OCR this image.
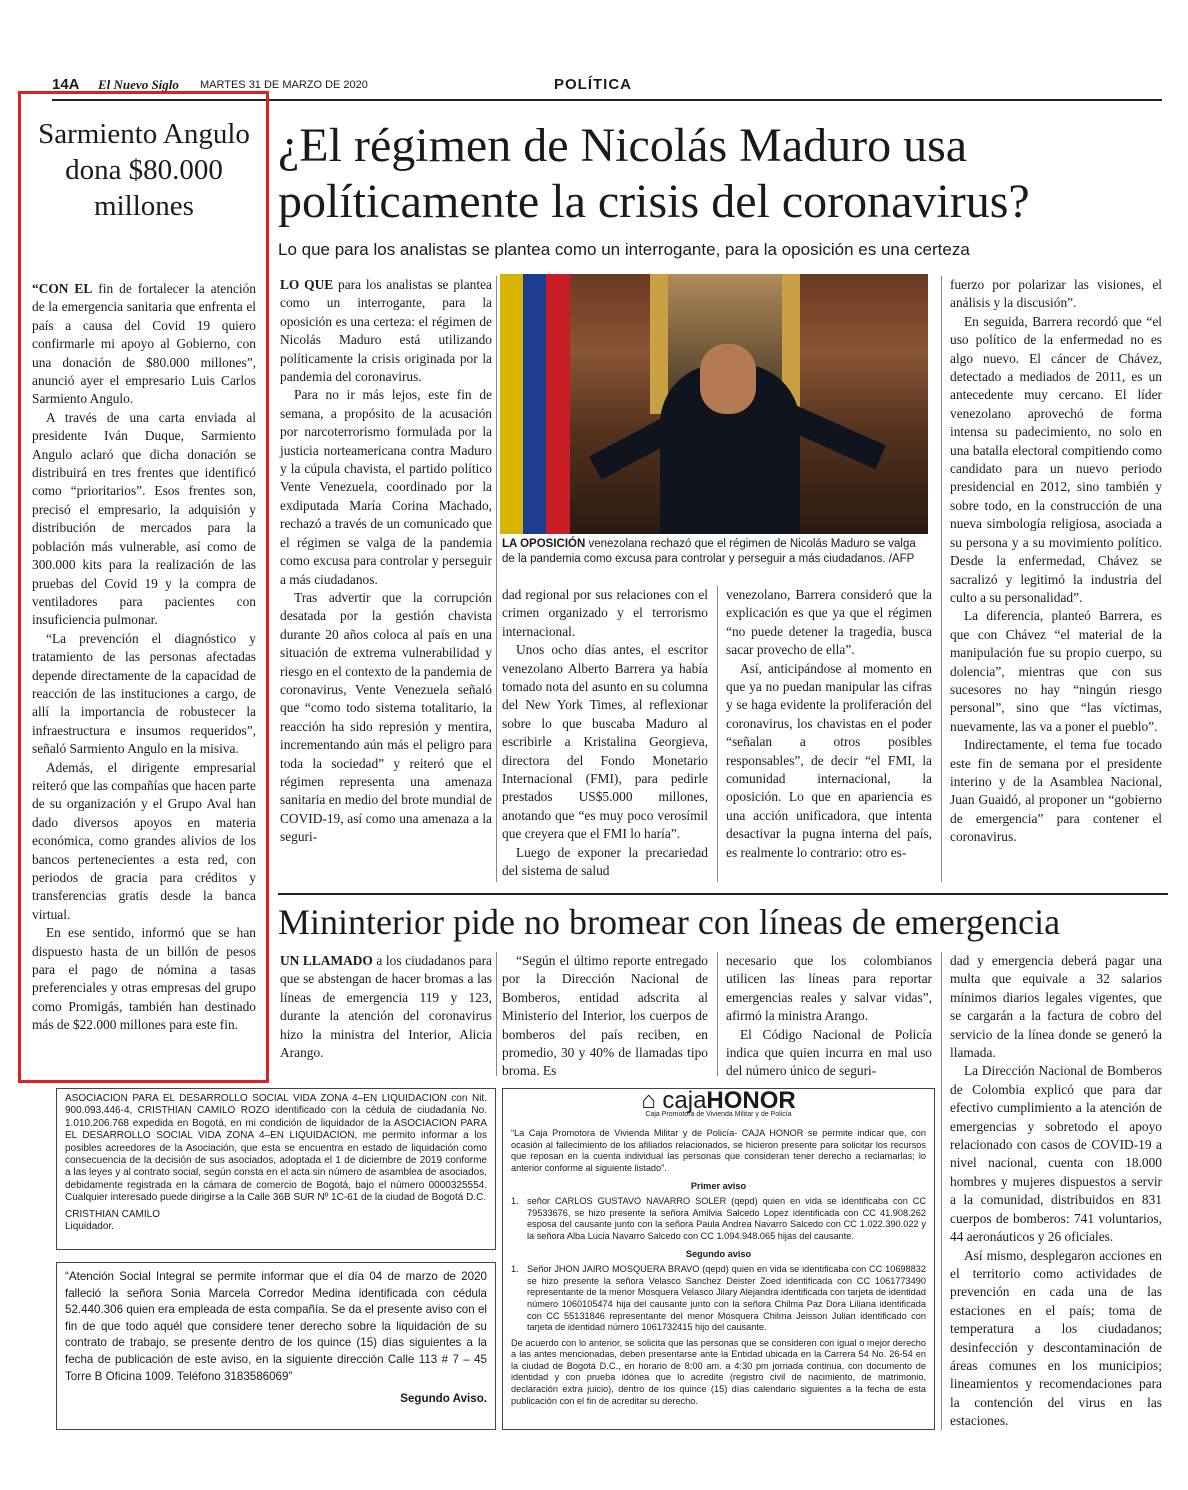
14A El Nuevo Siglo MARTES 31 DE MARZO DE 2020	POLÍTICA
Sarmiento Angulo dona $80.000 millones

“CON EL fin de fortalecer la atención de la emergencia sanitaria que enfrenta el país a causa del Covid 19 quiero confirmarle mi apoyo al Gobierno, con una donación de $80.000 millones”, anunció ayer el empresario Luis Carlos Sarmiento Angulo.

A través de una carta enviada al presidente Iván Duque, Sarmiento Angulo aclaró que dicha donación se distribuirá en tres frentes que identificó como “prioritarios”. Esos frentes son, precisó el empresario, la adquisión y distribución de mercados para la población más vulnerable, así como de 300.000 kits para la realización de las pruebas del Covid 19 y la compra de ventiladores para pacientes con insuficiencia pulmonar.

“La prevención el diagnóstico y tratamiento de las personas afectadas depende directamente de la capacidad de reacción de las instituciones a cargo, de allí la importancia de robustecer la infraestructura e insumos requeridos”, señaló Sarmiento Angulo en la misiva.

Además, el dirigente empresarial reiteró que las compañías que hacen parte de su organización y el Grupo Aval han dado diversos apoyos en materia económica, como grandes alivios de los bancos pertenecientes a esta red, con periodos de gracia para créditos y transferencias gratis desde la banca virtual.

En ese sentido, informó que se han dispuesto hasta de un billón de pesos para el pago de nómina a tasas preferenciales y otras empresas del grupo como Promigás, también han destinado más de $22.000 millones para este fin.

¿El régimen de Nicolás Maduro usa políticamente la crisis del coronavirus?
Lo que para los analistas se plantea como un interrogante, para la oposición es una certeza

LO QUE para los analistas se plantea como un interrogante, para la oposición es una certeza: el régimen de Nicolás Maduro está utilizando políticamente la crisis originada por la pandemia del coronavirus.

Para no ir más lejos, este fin de semana, a propósito de la acusación por narcoterrorismo formulada por la justicia norteamericana contra Maduro y la cúpula chavista, el partido político Vente Venezuela, coordinado por la exdiputada María Corina Machado, rechazó a través de un comunicado que el régimen se valga de la pandemia como excusa para controlar y perseguir a más ciudadanos.

Tras advertir que la corrupción desatada por la gestión chavista durante 20 años coloca al país en una situación de extrema vulnerabilidad y riesgo en el contexto de la pandemia de coronavirus, Vente Venezuela señaló que “como todo sistema totalitario, la reacción ha sido represión y mentira, incrementando aún más el peligro para toda la sociedad” y reiteró que el régimen representa una amenaza sanitaria en medio del brote mundial de COVID-19, así como una amenaza a la seguri-

LA OPOSICIÓN venezolana rechazó que el régimen de Nicolás Maduro se valga de la pandemia como excusa para controlar y perseguir a más ciudadanos. /AFP

dad regional por sus relaciones con el crimen organizado y el terrorismo internacional.

Unos ocho días antes, el escritor venezolano Alberto Barrera ya había tomado nota del asunto en su columna del New York Times, al reflexionar sobre lo que buscaba Maduro al escribirle a Kristalina Georgieva, directora del Fondo Monetario Internacional (FMI), para pedirle prestados US$5.000 millones, anotando que “es muy poco verosímil que creyera que el FMI lo haría”.

Luego de exponer la precariedad del sistema de salud

venezolano, Barrera consideró que la explicación es que ya que el régimen “no puede detener la tragedia, busca sacar provecho de ella”.

Así, anticipándose al momento en que ya no puedan manipular las cifras y se haga evidente la proliferación del coronavirus, los chavistas en el poder “señalan a otros posibles responsables”, de decir “el FMI, la comunidad internacional, la oposición. Lo que en apariencia es una acción unificadora, que intenta desactivar la pugna interna del país, es realmente lo contrario: otro es-

fuerzo por polarizar las visiones, el análisis y la discusión”.

En seguida, Barrera recordó que “el uso político de la enfermedad no es algo nuevo. El cáncer de Chávez, detectado a mediados de 2011, es un antecedente muy cercano. El líder venezolano aprovechó de forma intensa su padecimiento, no solo en una batalla electoral compitiendo como candidato para un nuevo periodo presidencial en 2012, sino también y sobre todo, en la construcción de una nueva simbología religiosa, asociada a su persona y a su movimiento político. Desde la enfermedad, Chávez se sacralizó y legitimó la industria del culto a su personalidad”.

La diferencia, planteó Barrera, es que con Chávez “el material de la manipulación fue su propio cuerpo, su dolencia”, mientras que con sus sucesores no hay “ningún riesgo personal”, sino que “las víctimas, nuevamente, las va a poner el pueblo”.

Indirectamente, el tema fue tocado este fin de semana por el presidente interino y de la Asamblea Nacional, Juan Guaidó, al proponer un “gobierno de emergencia” para contener el coronavirus.

Mininterior pide no bromear con líneas de emergencia

UN LLAMADO a los ciudadanos para que se abstengan de hacer bromas a las líneas de emergencia 119 y 123, durante la atención del coronavirus hizo la ministra del Interior, Alicia Arango.

“Según el último reporte entregado por la Dirección Nacional de Bomberos, entidad adscrita al Ministerio del Interior, los cuerpos de bomberos del país reciben, en promedio, 30 y 40% de llamadas tipo broma. Es

necesario que los colombianos utilicen las líneas para reportar emergencias reales y salvar vidas”, afirmó la ministra Arango.

El Código Nacional de Policía indica que quien incurra en mal uso del número único de seguri-

dad y emergencia deberá pagar una multa que equivale a 32 salarios mínimos diarios legales vigentes, que se cargarán a la factura de cobro del servicio de la línea donde se generó la llamada.

La Dirección Nacional de Bomberos de Colombia explicó que para dar efectivo cumplimiento a la atención de emergencias y sobretodo el apoyo relacionado con casos de COVID-19 a nivel nacional, cuenta con 18.000 hombres y mujeres dispuestos a servir a la comunidad, distribuidos en 831 cuerpos de bomberos: 741 voluntarios, 44 aeronáuticos y 26 oficiales.

Así mismo, desplegaron acciones en el territorio como actividades de prevención en cada una de las estaciones en el país; toma de temperatura a los ciudadanos; desinfección y descontaminación de áreas comunes en los municipios; lineamientos y recomendaciones para la contención del virus en las estaciones.

ASOCIACION PARA EL DESARROLLO SOCIAL VIDA ZONA 4–EN LIQUIDACION con Nit. 900.093.446-4, CRISTHIAN CAMILO ROZO identificado con la cédula de ciudadanía No. 1.010.206.768 expedida en Bogotá, en mi condición de liquidador de la ASOCIACION PARA EL DESARROLLO SOCIAL VIDA ZONA 4–EN LIQUIDACION, me permito informar a los posibles acreedores de la Asociación, que esta se encuentra en estado de liquidación como consecuencia de la decisión de sus asociados, adoptada el 1 de diciembre de 2019 conforme a las leyes y al contrato social, según consta en el acta sin número de asamblea de asociados, debidamente registrada en la cámara de comercio de Bogotá, bajo el número 0000325554. Cualquier interesado puede dirigirse a la Calle 36B SUR Nº 1C-61 de la ciudad de Bogotá D.C.
CRISTHIAN CAMILO
Liquidador.
“Atención Social Integral se permite informar que el día 04 de marzo de 2020 falleció la señora Sonia Marcela Corredor Medina identificada con cédula 52.440.306 quien era empleada de esta compañía. Se da el presente aviso con el fin de que todo aquél que considere tener derecho sobre la liquidación de su contrato de trabajo, se presente dentro de los quince (15) días siguientes a la fecha de publicación de este aviso, en la siguiente dirección Calle 113 # 7 – 45 Torre B Oficina 1009. Teléfono 3183586069”
Segundo Aviso.
⌂ cajaHONOR
Caja Promotora de Vivienda Militar y de Policía

“La Caja Promotora de Vivienda Militar y de Policía- CAJA HONOR se permite indicar que, con ocasión al fallecimiento de los afiliados relacionados, se hicieron presente para solicitar los recursos que reposan en la cuenta individual las personas que consideran tener derecho a reclamarlas; lo anterior conforme al siguiente listado”.

Primer aviso

1. señor CARLOS GUSTAVO NAVARRO SOLER (qepd) quien en vida se identificaba con CC 79533676, se hizo presente la señora Amilvia Salcedo Lopez identificada con CC 41.908.262 esposa del causante junto con la señora Paula Andrea Navarro Salcedo con CC 1.022.390.022 y la señora Alba Lucia Navarro Salcedo con CC 1.094.948.065 hijas del causante.

Segundo aviso

1. Señor JHON JAIRO MOSQUERA BRAVO (qepd) quien en vida se identificaba con CC 10698832 se hizo presente la señora Velasco Sanchez Deister Zoed identificada con CC 1061773490 representante de la menor Mosquera Velasco Jilary Alejandra identificada con tarjeta de identidad número 1060105474 hija del causante junto con la señora Chilma Paz Dora Liliana identificada con CC 55131846 representante del menor Mosquera Chilma Jeisson Julian identificado con tarjeta de identidad número 1061732415 hijo del causante.

De acuerdo con lo anterior, se solicita que las personas que se consideren con igual o mejor derecho a las antes mencionadas, deben presentarse ante la Entidad ubicada en la Carrera 54 No. 26-54 en la ciudad de Bogotá D.C., en horario de 8:00 am. a 4:30 pm jornada continua, con documento de identidad y con prueba idónea que lo acredite (registro civil de nacimiento, de matrimonio, declaración extra juicio), dentro de los quince (15) días calendario siguientes a la fecha de esta publicación con el fin de acreditar su derecho.
